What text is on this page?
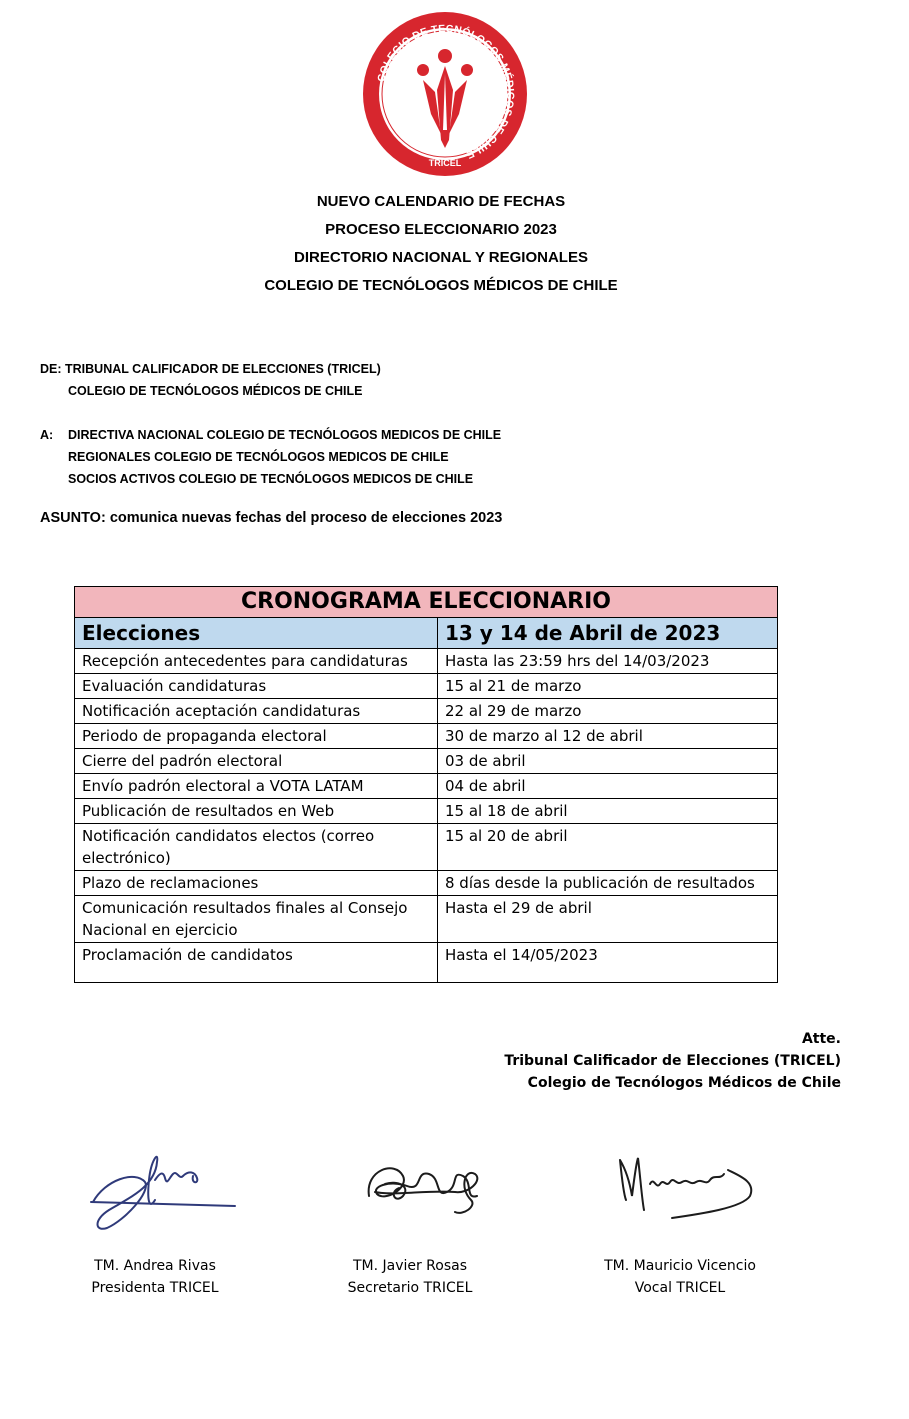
COLEGIO DE TECNÓLOGOS MÉDICOS DE CHILE
TRICEL
NUEVO CALENDARIO DE FECHAS
PROCESO ELECCIONARIO 2023
DIRECTORIO NACIONAL Y REGIONALES
COLEGIO DE TECNÓLOGOS MÉDICOS DE CHILE
DE: TRIBUNAL CALIFICADOR DE ELECCIONES (TRICEL)
COLEGIO DE TECNÓLOGOS MÉDICOS DE CHILE
A: DIRECTIVA NACIONAL COLEGIO DE TECNÓLOGOS MEDICOS DE CHILE
REGIONALES COLEGIO DE TECNÓLOGOS MEDICOS DE CHILE
SOCIOS ACTIVOS COLEGIO DE TECNÓLOGOS MEDICOS DE CHILE
ASUNTO: comunica nuevas fechas del proceso de elecciones 2023
CRONOGRAMA ELECCIONARIO	
Elecciones	13 y 14 de Abril de 2023
Recepción antecedentes para candidaturas	Hasta las 23:59 hrs del 14/03/2023
Evaluación candidaturas	15 al 21 de marzo
Notificación aceptación candidaturas	22 al 29 de marzo
Periodo de propaganda electoral	30 de marzo al 12 de abril
Cierre del padrón electoral	03 de abril
Envío padrón electoral a VOTA LATAM	04 de abril
Publicación de resultados en Web	15 al 18 de abril
Notificación candidatos electos (correo electrónico)	15 al 20 de abril
Plazo de reclamaciones	8 días desde la publicación de resultados
Comunicación resultados finales al Consejo Nacional en ejercicio	Hasta el 29 de abril
Proclamación de candidatos	Hasta el 14/05/2023
Atte.
Tribunal Calificador de Elecciones (TRICEL)
Colegio de Tecnólogos Médicos de Chile
TM. Andrea Rivas
Presidenta TRICEL
TM. Javier Rosas
Secretario TRICEL
TM. Mauricio Vicencio
Vocal TRICEL
